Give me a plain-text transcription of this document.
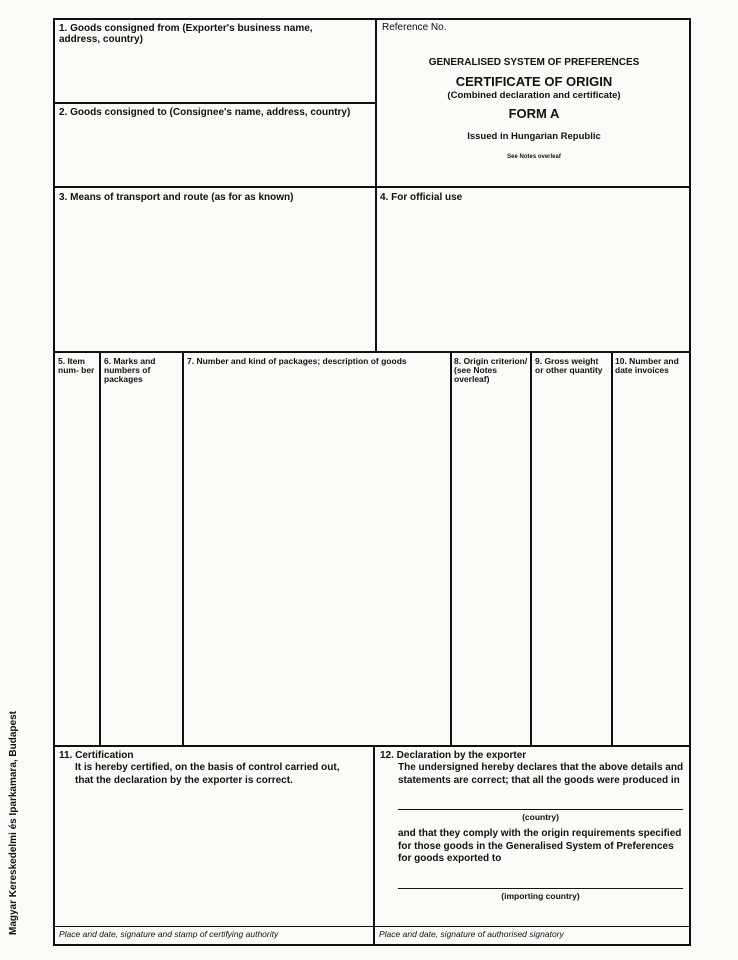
Magyar Kereskedelmi és Iparkamara, Budapest
1. Goods consigned from (Exporter's business name, address, country)
2. Goods consigned to (Consignee's name, address, country)
Reference No.
GENERALISED SYSTEM OF PREFERENCES
CERTIFICATE OF ORIGIN
(Combined declaration and certificate)
FORM A
Issued in Hungarian Republic
See Notes overleaf
3. Means of transport and route (as for as known)	4. For official use
5. Item num- ber
6. Marks and numbers of packages
7. Number and kind of packages; description of goods	8. Origin criterion/ (see Notes overleaf)
9. Gross weight or other quantity
10. Number and date invoices
11. Certification
It is hereby certified, on the basis of control carried out, that the declaration by the exporter is correct.
Place and date, signature and stamp of certifying authority
12. Declaration by the exporter
The undersigned hereby declares that the above details and statements are correct; that all the goods were produced in
(country)
and that they comply with the origin requirements specified for those goods in the Generalised System of Preferences for goods exported to
(importing country)
Place and date, signature of authorised signatory
